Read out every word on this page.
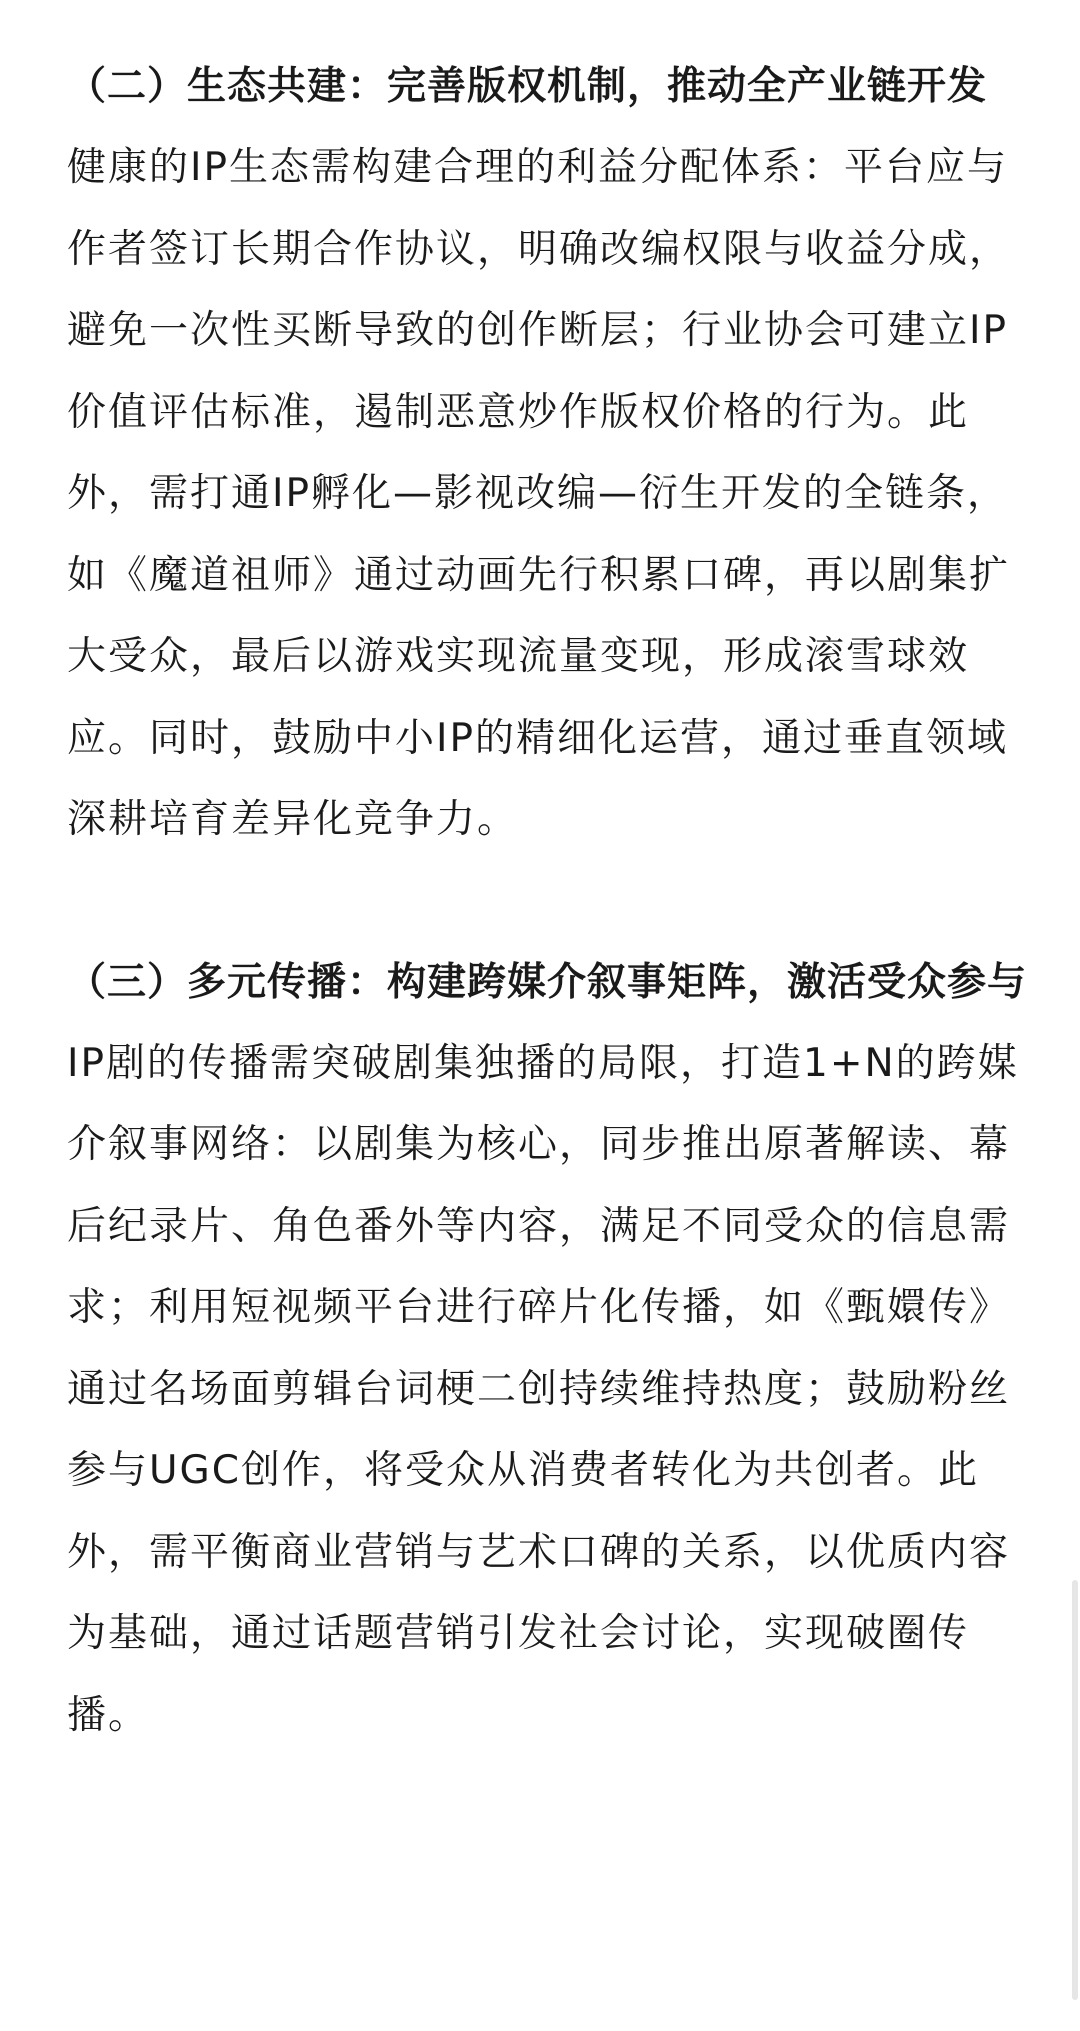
（二）生态共建：完善版权机制，推动全产业链开发

健康的IP生态需构建合理的利益分配体系：平台应与作者签订长期合作协议，明确改编权限与收益分成，避免一次性买断导致的创作断层；行业协会可建立IP价值评估标准，遏制恶意炒作版权价格的行为。此外，需打通IP孵化—影视改编—衍生开发的全链条，如《魔道祖师》通过动画先行积累口碑，再以剧集扩大受众，最后以游戏实现流量变现，形成滚雪球效应。同时，鼓励中小IP的精细化运营，通过垂直领域深耕培育差异化竞争力。

（三）多元传播：构建跨媒介叙事矩阵，激活受众参与

IP剧的传播需突破剧集独播的局限，打造1+N的跨媒介叙事网络：以剧集为核心，同步推出原著解读、幕后纪录片、角色番外等内容，满足不同受众的信息需求；利用短视频平台进行碎片化传播，如《甄嬛传》通过名场面剪辑台词梗二创持续维持热度；鼓励粉丝参与UGC创作，将受众从消费者转化为共创者。此外，需平衡商业营销与艺术口碑的关系，以优质内容为基础，通过话题营销引发社会讨论，实现破圈传播。
